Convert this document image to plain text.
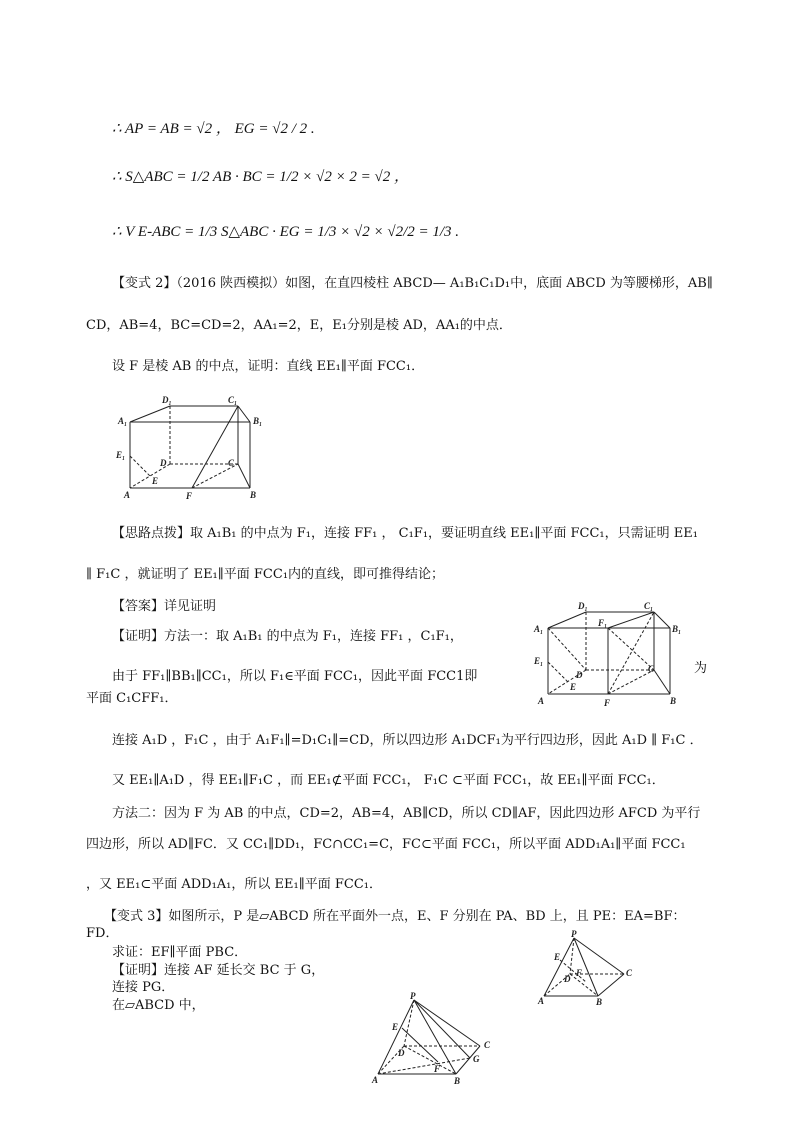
∴ AP = AB = √2 ， EG = √2 / 2 .
∴ S△ABC = 1/2 AB · BC = 1/2 × √2 × 2 = √2 ，
∴ V E-ABC = 1/3 S△ABC · EG = 1/3 × √2 × √2/2 = 1/3 .
【变式 2】（2016 陕西模拟）如图，在直四棱柱 ABCD— A₁B₁C₁D₁中，底面 ABCD 为等腰梯形，AB∥
CD，AB=4，BC=CD=2，AA₁=2，E，E₁分别是棱 AD，AA₁的中点．
设 F 是棱 AB 的中点，证明：直线 EE₁∥平面 FCC₁．
A₁
D₁	C₁
B₁
E₁
D	C
A
E
F	B
【思路点拨】取 A₁B₁ 的中点为 F₁，连接 FF₁ ， C₁F₁，要证明直线 EE₁∥平面 FCC₁，只需证明 EE₁
∥ F₁C ，就证明了 EE₁∥平面 FCC₁内的直线，即可推得结论；
【答案】详见证明
【证明】方法一：取 A₁B₁ 的中点为 F₁，连接 FF₁ ，C₁F₁，
由于 FF₁∥BB₁∥CC₁，所以 F₁∈平面 FCC₁，因此平面 FCC1即
为
平面 C₁CFF₁．
D₁	C₁
A₁
F₁
B₁
E₁
D
C
E
A	F	B
连接 A₁D ，F₁C ，由于 A₁F₁∥=D₁C₁∥=CD，所以四边形 A₁DCF₁为平行四边形，因此 A₁D ∥ F₁C ．
又 EE₁∥A₁D ，得 EE₁∥F₁C ，而 EE₁⊄平面 FCC₁， F₁C ⊂平面 FCC₁，故 EE₁∥平面 FCC₁．
方法二：因为 F 为 AB 的中点，CD=2，AB=4，AB∥CD，所以 CD∥AF，因此四边形 AFCD 为平行
四边形，所以 AD∥FC．又 CC₁∥DD₁，FC∩CC₁=C，FC⊂平面 FCC₁，所以平面 ADD₁A₁∥平面 FCC₁
，又 EE₁⊂平面 ADD₁A₁，所以 EE₁∥平面 FCC₁．
【变式 3】如图所示，P 是▱ABCD 所在平面外一点，E、F 分别在 PA、BD 上，且 PE：EA=BF：
FD．
求证：EF∥平面 PBC．
【证明】连接 AF 延长交 BC 于 G，
连接 PG．
在▱ABCD 中，
P
E
F
D
C
A	B
P
E
D
C
G
F
A	B
